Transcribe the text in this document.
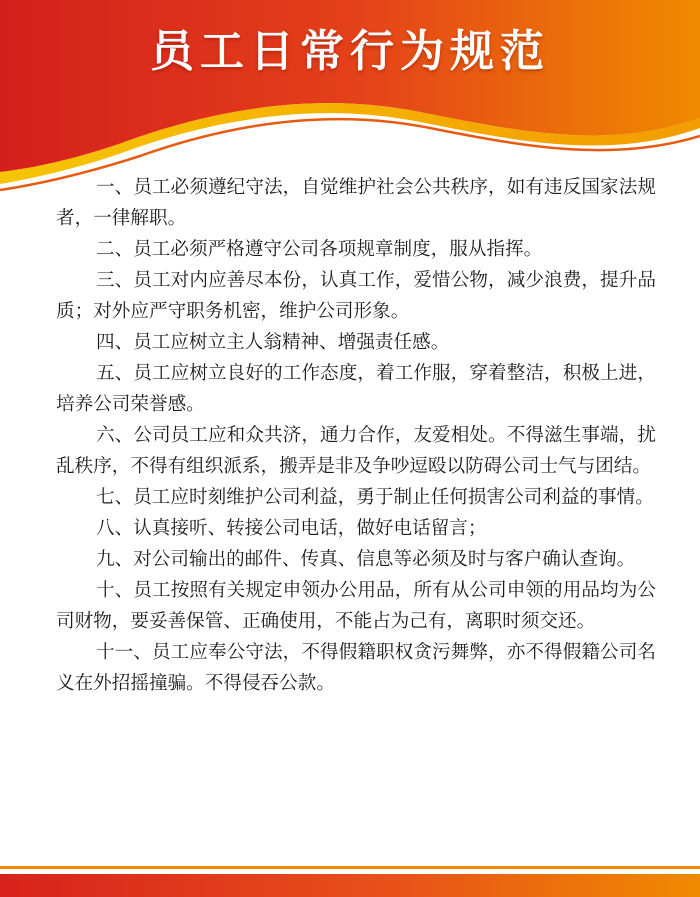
员工日常行为规范

一、员工必须遵纪守法，自觉维护社会公共秩序，如有违反国家法规者，一律解职。

二、员工必须严格遵守公司各项规章制度，服从指挥。

三、员工对内应善尽本份，认真工作，爱惜公物，减少浪费，提升品质；对外应严守职务机密，维护公司形象。

四、员工应树立主人翁精神、增强责任感。

五、员工应树立良好的工作态度，着工作服，穿着整洁，积极上进，培养公司荣誉感。

六、公司员工应和众共济，通力合作，友爱相处。不得滋生事端，扰乱秩序，不得有组织派系，搬弄是非及争吵逗殴以防碍公司士气与团结。

七、员工应时刻维护公司利益，勇于制止任何损害公司利益的事情。

八、认真接听、转接公司电话，做好电话留言；

九、对公司输出的邮件、传真、信息等必须及时与客户确认查询。

十、员工按照有关规定申领办公用品，所有从公司申领的用品均为公司财物，要妥善保管、正确使用，不能占为己有，离职时须交还。

十一、员工应奉公守法，不得假籍职权贪污舞弊，亦不得假籍公司名义在外招摇撞骗。不得侵吞公款。
